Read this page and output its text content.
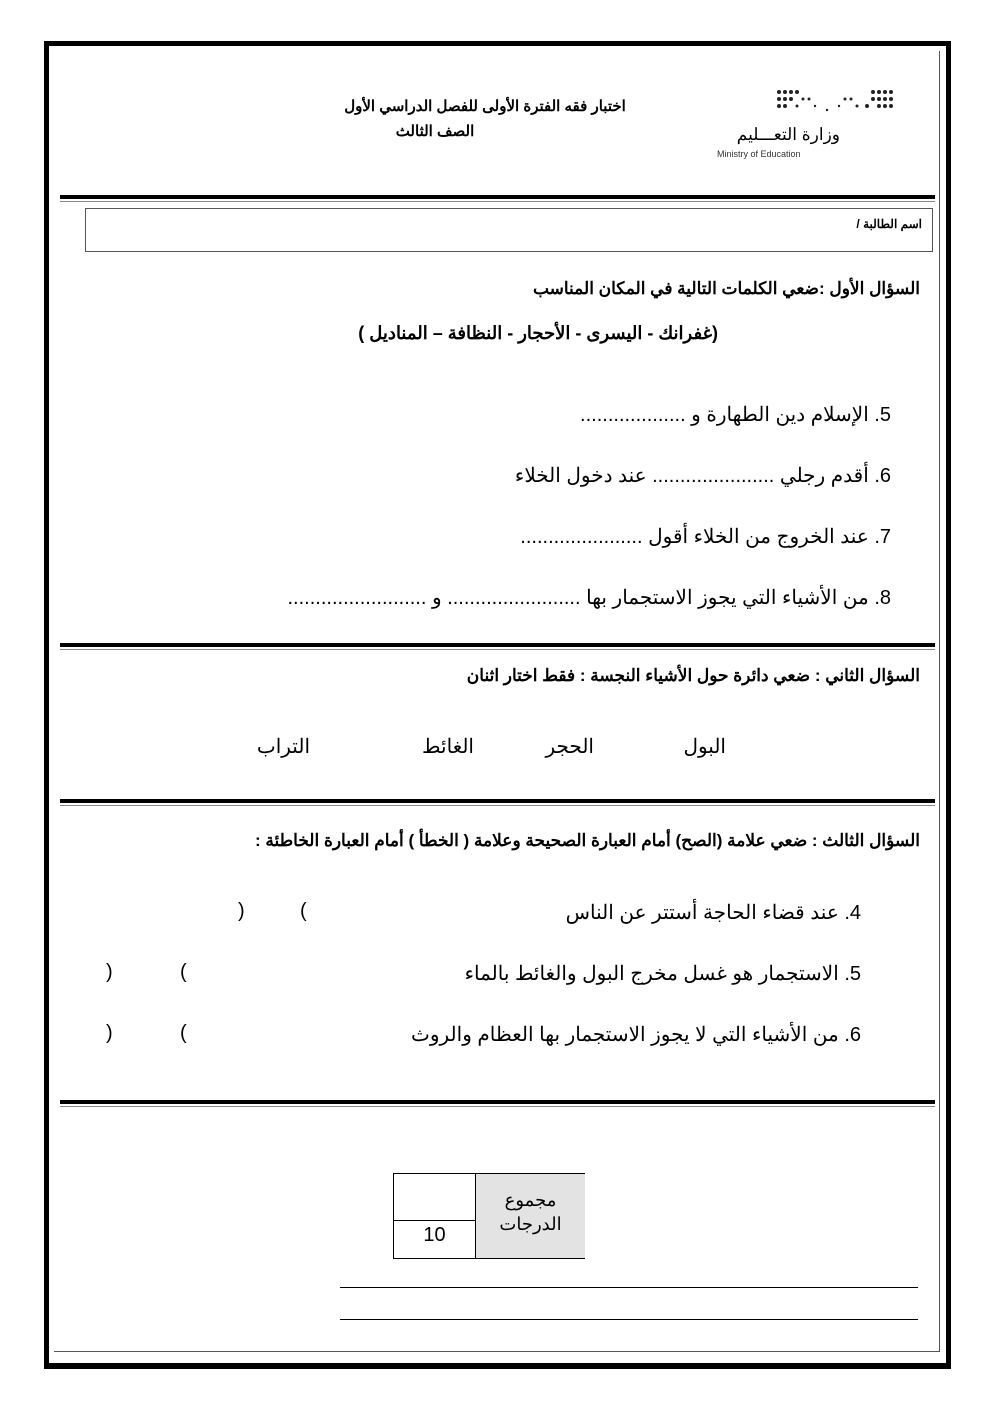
اختبار فقه الفترة الأولى للفصل الدراسي الأول
الصف الثالث	وزارة التعـــليم
Ministry of Education
اسم الطالبة /
السؤال الأول :ضعي الكلمات التالية في المكان المناسب
(غفرانك - اليسرى - الأحجار - النظافة – المناديل )
5. الإسلام دين الطهارة و ...................
6. أقدم رجلي ...................... عند دخول الخلاء
7. عند الخروج من الخلاء أقول ......................
8. من الأشياء التي يجوز الاستجمار بها ........................ و .........................
السؤال الثاني : ضعي دائرة حول الأشياء النجسة : فقط اختار اثنان
البول
الحجر
الغائط
التراب
السؤال الثالث : ضعي علامة (الصح) أمام العبارة الصحيحة وعلامة ( الخطأ ) أمام العبارة الخاطئة :
4. عند قضاء الحاجة أستتر عن الناس
(
)
5. الاستجمار هو غسل مخرج البول والغائط بالماء
(
)
6. من الأشياء التي لا يجوز الاستجمار بها العظام والروث
(
)
مجموع الدرجات
10
